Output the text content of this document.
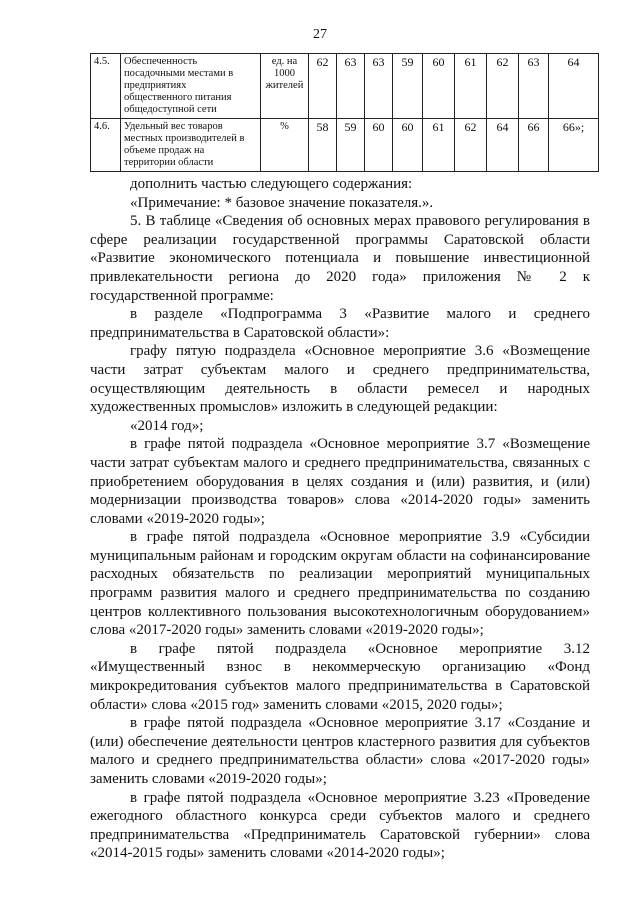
27
4.5.	Обеспеченность посадочными местами в предприятиях общественного питания общедоступной сети	ед. на 1000 жителей	62	63	63	59	60	61	62	63	64
4.6.	Удельный вес товаров местных производителей в объеме продаж на территории области	%	58	59	60	60	61	62	64	66	66»;

дополнить частью следующего содержания:

«Примечание: * базовое значение показателя.».

5. В таблице «Сведения об основных мерах правового регулирования в сфере реализации государственной программы Саратовской области «Развитие экономического потенциала и повышение инвестиционной привлекательности региона до 2020 года» приложения № 2 к государственной программе:

в разделе «Подпрограмма 3 «Развитие малого и среднего предпринимательства в Саратовской области»:

графу пятую подраздела «Основное мероприятие 3.6 «Возмещение части затрат субъектам малого и среднего предпринимательства, осуществляющим деятельность в области ремесел и народных художественных промыслов» изложить в следующей редакции:

«2014 год»;

в графе пятой подраздела «Основное мероприятие 3.7 «Возмещение части затрат субъектам малого и среднего предпринимательства, связанных с приобретением оборудования в целях создания и (или) развития, и (или) модернизации производства товаров» слова «2014-2020 годы» заменить словами «2019-2020 годы»;

в графе пятой подраздела «Основное мероприятие 3.9 «Субсидии муниципальным районам и городским округам области на софинансирование расходных обязательств по реализации мероприятий муниципальных программ развития малого и среднего предпринимательства по созданию центров коллективного пользования высокотехнологичным оборудованием» слова «2017-2020 годы» заменить словами «2019-2020 годы»;

в графе пятой подраздела «Основное мероприятие 3.12 «Имущественный взнос в некоммерческую организацию «Фонд микрокредитования субъектов малого предпринимательства в Саратовской области» слова «2015 год» заменить словами «2015, 2020 годы»;

в графе пятой подраздела «Основное мероприятие 3.17 «Создание и (или) обеспечение деятельности центров кластерного развития для субъектов малого и среднего предпринимательства области» слова «2017-2020 годы» заменить словами «2019-2020 годы»;

в графе пятой подраздела «Основное мероприятие 3.23 «Проведение ежегодного областного конкурса среди субъектов малого и среднего предпринимательства «Предприниматель Саратовской губернии» слова «2014-2015 годы» заменить словами «2014-2020 годы»;
